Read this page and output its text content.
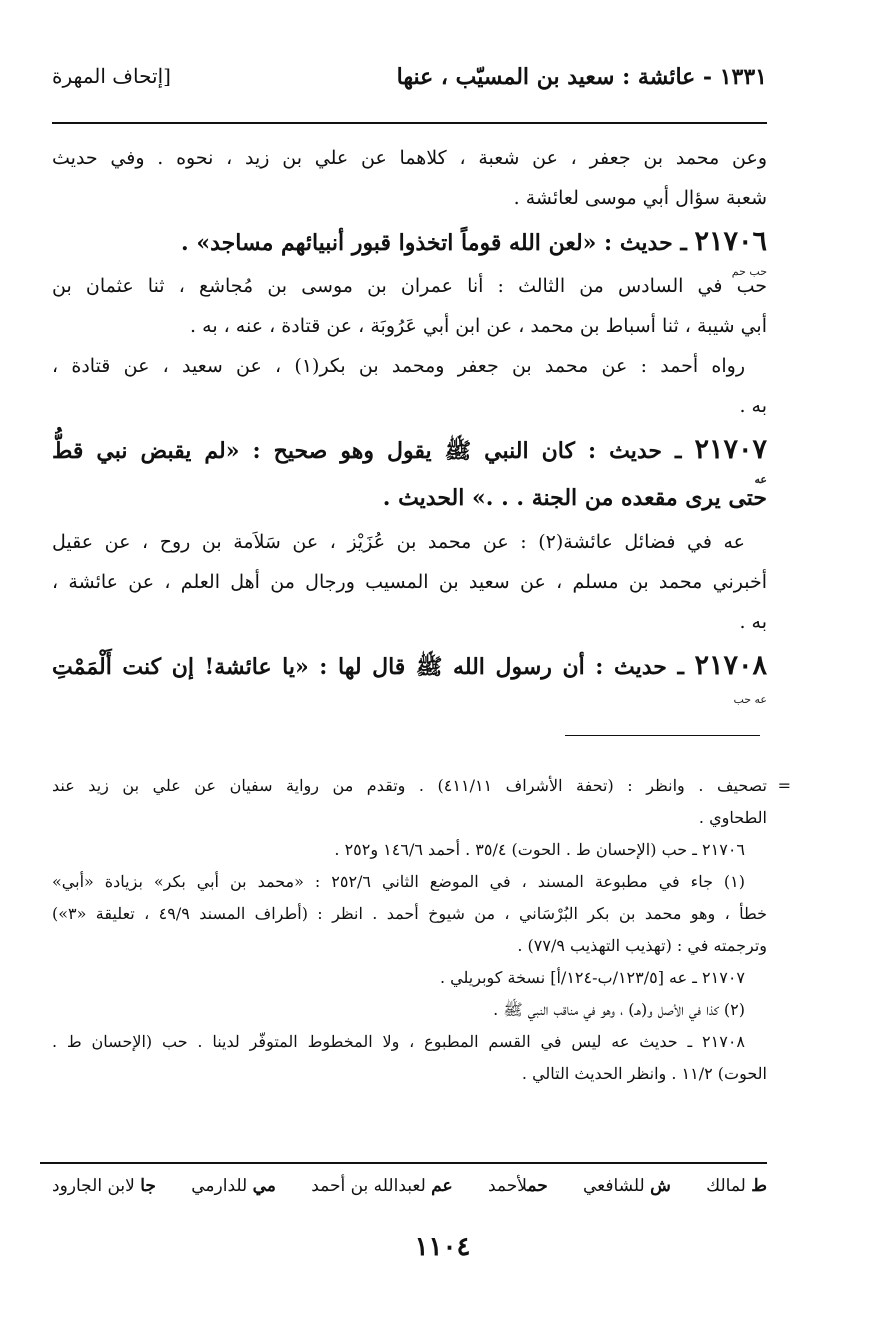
١٣٣١ - عائشة : سعيد بن المسيّب ، عنها
[إتحاف المهرة
وعن محمد بن جعفر ، عن شعبة ، كلاهما عن علي بن زيد ، نحوه . وفي حديث
شعبة سؤال أبي موسى لعائشة .
٢١٧٠٦ ـ حديث : «لعن الله قوماً اتخذوا قبور أنبيائهم مساجد» .
حب حم
حب في السادس من الثالث : أنا عمران بن موسى بن مُجاشع ، ثنا عثمان بن
أبي شيبة ، ثنا أسباط بن محمد ، عن ابن أبي عَرُوبَة ، عن قتادة ، عنه ، به .
رواه أحمد : عن محمد بن جعفر ومحمد بن بكر(١) ، عن سعيد ، عن قتادة ،
به .
٢١٧٠٧ ـ حديث : كان النبي ﷺ يقول وهو صحيح : «لم يقبض نبي قطُّ
عه
حتى يرى مقعده من الجنة . . .» الحديث .
عه في فضائل عائشة(٢) : عن محمد بن عُزَيْز ، عن سَلاَمة بن روح ، عن عقيل
أخبرني محمد بن مسلم ، عن سعيد بن المسيب ورجال من أهل العلم ، عن عائشة ،
به .
٢١٧٠٨ ـ حديث : أن رسول الله ﷺ قال لها : «يا عائشة! إن كنت أَلْمَمْتِ
عه حب
=
تصحيف . وانظر : (تحفة الأشراف ٤١١/١١) . وتقدم من رواية سفيان عن علي بن زيد عند
الطحاوي .
٢١٧٠٦ ـ حب (الإحسان ط . الحوت) ٣٥/٤ . أحمد ١٤٦/٦ و٢٥٢ .
(١) جاء في مطبوعة المسند ، في الموضع الثاني ٢٥٢/٦ : «محمد بن أبي بكر» بزيادة «أبي»
خطأ ، وهو محمد بن بكر البُرْسَاني ، من شيوخ أحمد . انظر : (أطراف المسند ٤٩/٩ ، تعليقة «٣»)
وترجمته في : (تهذيب التهذيب ٧٧/٩) .
٢١٧٠٧ ـ عه [١٢٣/٥/ب-١٢٤/أ] نسخة كوبريلي .
(٢) كذا في الأصل و(هـ) ، وهو في مناقب النبي ﷺ .
٢١٧٠٨ ـ حديث عه ليس في القسم المطبوع ، ولا المخطوط المتوفّر لدينا . حب (الإحسان ط .
الحوت) ١١/٢ . وانظر الحديث التالي .
ط لمالك
ش للشافعي
حملأحمد
عم لعبدالله بن أحمد
مي للدارمي
جا لابن الجارود
١١٠٤
